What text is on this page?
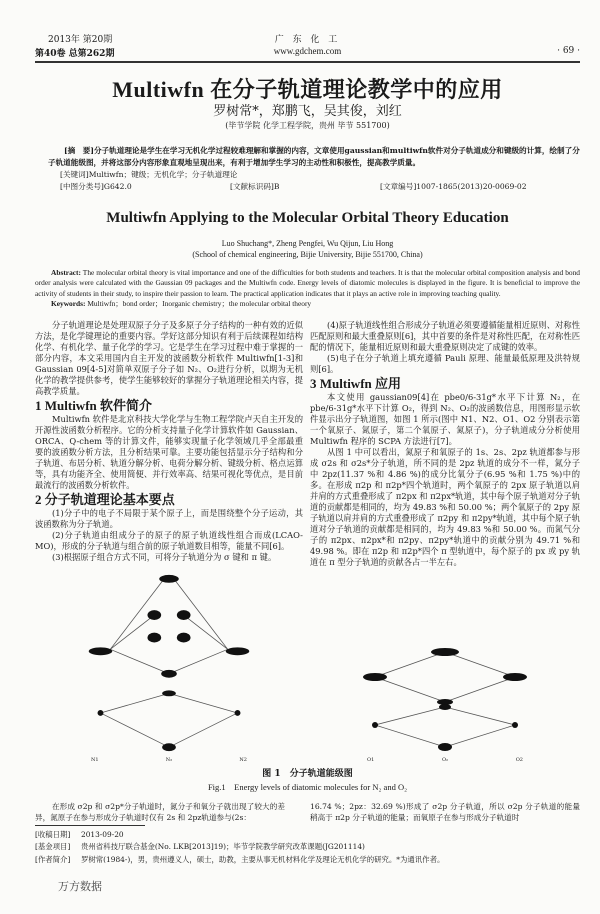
2013年 第20期	广 东 化 工
第40卷 总第262期	www.gdchem.com	· 69 ·
Multiwfn 在分子轨道理论教学中的应用
罗树常*，郑鹏飞，吴其俊，刘红
(毕节学院 化学工程学院，贵州 毕节 551700)

[摘　要]分子轨道理论是学生在学习无机化学过程较难理解和掌握的内容，文章使用gaussian和multiwfn软件对分子轨道成分和键级的计算，绘制了分子轨道能级图，并将这部分内容形象直观地呈现出来，有利于增加学生学习的主动性和积极性，提高教学质量。

[关键词]Multiwfn；键级；无机化学；分子轨道理论
[中图分类号]G642.0	[文献标识码]B	[文章编号]1007-1865(2013)20-0069-02
Multiwfn Applying to the Molecular Orbital Theory Education
Luo Shuchang*, Zheng Pengfei, Wu Qijun, Liu Hong
(School of chemical engineering, Bijie University, Bijie 551700, China)
Abstract: The molecular orbital theory is vital importance and one of the difficulties for both students and teachers. It is that the molecular orbital composition analysis and bond order analysis were calculated with the Gaussian 09 packages and the Multiwfn code. Energy levels of diatomic molecules is displayed in the figure. It is beneficial to improve the activity of students in their study, to inspire their passion to learn. The practical application indicates that it plays an active role in improving teaching quality.
Keywords: Multiwfn；bond order；Inorganic chemistry；the molecular orbital theory

分子轨道理论是处理双原子分子及多原子分子结构的一种有效的近似方法，是化学键理论的重要内容。学好这部分知识有利于后续课程如结构化学、有机化学、量子化学的学习。它是学生在学习过程中难于掌握的一部分内容，本文采用国内自主开发的波函数分析软件 Multiwfn[1-3]和 Gaussian 09[4-5]对简单双原子分子如 N₂、O₂进行分析，以期为无机化学的教学提供参考，使学生能够较好的掌握分子轨道理论相关内容，提高教学质量。

1 Multiwfn 软件简介

Multiwfn 软件是北京科技大学化学与生物工程学院卢天自主开发的开源性波函数分析程序。它的分析支持量子化学计算软件如 Gaussian、ORCA、Q-chem 等的计算文件，能够实现量子化学领域几乎全部最重要的波函数分析方法，且分析结果可靠。主要功能包括显示分子结构和分子轨道、布居分析、轨道分解分析、电荷分解分析、键级分析、格点运算等，具有功能齐全、使用简便、并行效率高、结果可视化等优点，是目前最流行的波函数分析软件。

2 分子轨道理论基本要点

(1)分子中的电子不局限于某个原子上，而是围绕整个分子运动，其波函数称为分子轨道。

(2)分子轨道由组成分子的原子的原子轨道线性组合而成(LCAO-MO)，形成的分子轨道与组合前的原子轨道数目相等，能量不同[6]。

(3)根据原子组合方式不同，可将分子轨道分为 σ 键和 π 键。

N1	N₂	N2

(4)原子轨道线性组合形成分子轨道必须要遵循能量相近原则、对称性匹配原则和最大重叠原则[6]，其中首要的条件是对称性匹配，在对称性匹配的情况下，能量相近原则和最大重叠原则决定了成键的效率。

(5)电子在分子轨道上填充遵循 Pauli 原理、能量最低原理及洪特规则[6]。

3 Multiwfn 应用

本文使用 gaussian09[4]在 pbe0/6-31g*水平下计算 N₂，在 pbe/6-31g*水平下计算 O₂，得到 N₂、O₂的波函数信息，用图形显示软件显示出分子轨道图，如图 1 所示(图中 N1、N2、O1、O2 分别表示第一个氧原子、氮原子，第二个氧原子、氮原子)，分子轨道成分分析使用 Multiwfn 程序的 SCPA 方法进行[7]。

从图 1 中可以看出，氮原子和氧原子的 1s、2s、2pz 轨道都参与形成 σ2s 和 σ2s*分子轨道，所不同的是 2pz 轨道的成分不一样，氮分子中 2pz(11.37 %和 4.86 %)的成分比氧分子(6.95 %和 1.75 %)中的多。在形成 π2p 和 π2p*四个轨道时，两个氧原子的 2px 原子轨道以肩并肩的方式重叠形成了 π2px 和 π2px*轨道，其中每个原子轨道对分子轨道的贡献都是相同的，均为 49.83 %和 50.00 %；两个氧原子的 2py 原子轨道以肩并肩的方式重叠形成了 π2py 和 π2py*轨道，其中每个原子轨道对分子轨道的贡献都是相同的，均为 49.83 %和 50.00 %。而氮气分子的 π2px、π2px*和 π2py、π2py*轨道中的贡献分别为 49.71 %和 49.98 %。即在 π2p 和 π2p*四个 π 型轨道中，每个原子的 px 或 py 轨道在 π 型分子轨道的贡献各占一半左右。

O1	O₂	O2
图 1　分子轨道能级图
Fig.1　Energy levels of diatomic molecules for N₂ and O₂

在形成 σ2p 和 σ2p*分子轨道时，氮分子和氧分子就出现了较大的差异，氮原子在参与形成分子轨道时仅有 2s 和 2pz轨道参与(2s：

16.74 %；2pz：32.69 %)形成了 σ2p 分子轨道，所以 σ2p 分子轨道的能量稍高于 π2p 分子轨道的能量；而氧原子在参与形成分子轨道时
[收稿日期] 2013-09-20
[基金项目] 贵州省科技厅联合基金(No. LKB[2013]19)；毕节学院教学研究改革课题(JG201114)
[作者简介] 罗树常(1984-)，男，贵州遵义人，硕士，助教，主要从事无机材料化学及理论无机化学的研究。*为通讯作者。
万方数据
